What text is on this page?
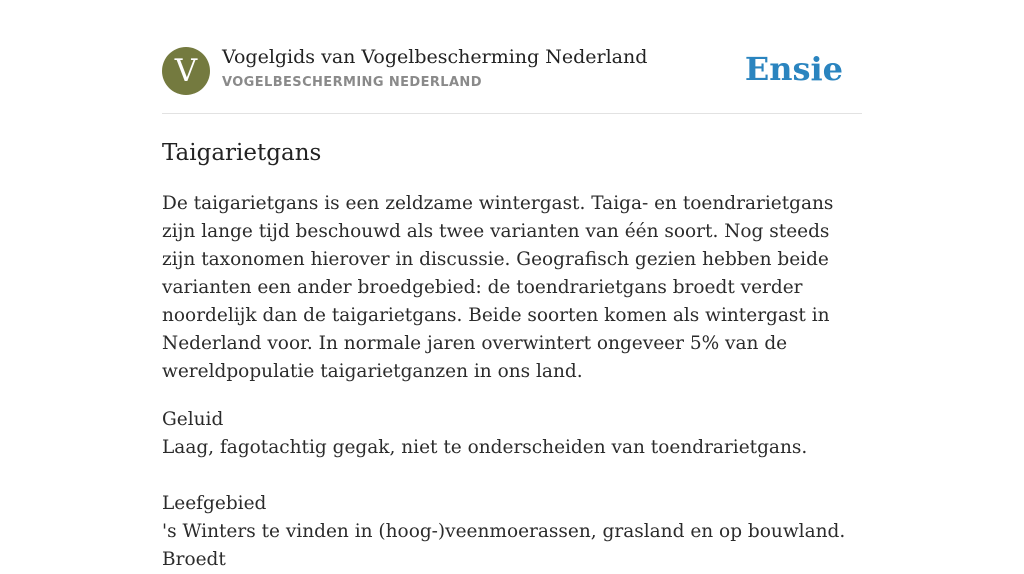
V	Vogelgids van Vogelbescherming Nederland
VOGELBESCHERMING NEDERLAND	Ensie
Taigarietgans

De taigarietgans is een zeldzame wintergast. Taiga- en toendrarietgans zijn lange tijd beschouwd als twee varianten van één soort. Nog steeds zijn taxonomen hierover in discussie. Geografisch gezien hebben beide varianten een ander broedgebied: de toendrarietgans broedt verder noordelijk dan de taigarietgans. Beide soorten komen als wintergast in Nederland voor. In normale jaren overwintert ongeveer 5% van de wereldpopulatie taigarietganzen in ons land.

Geluid
Laag, fagotachtig gegak, niet te onderscheiden van toendrarietgans.
Leefgebied
's Winters te vinden in (hoog-)veenmoerassen, grasland en op bouwland. Broedt
